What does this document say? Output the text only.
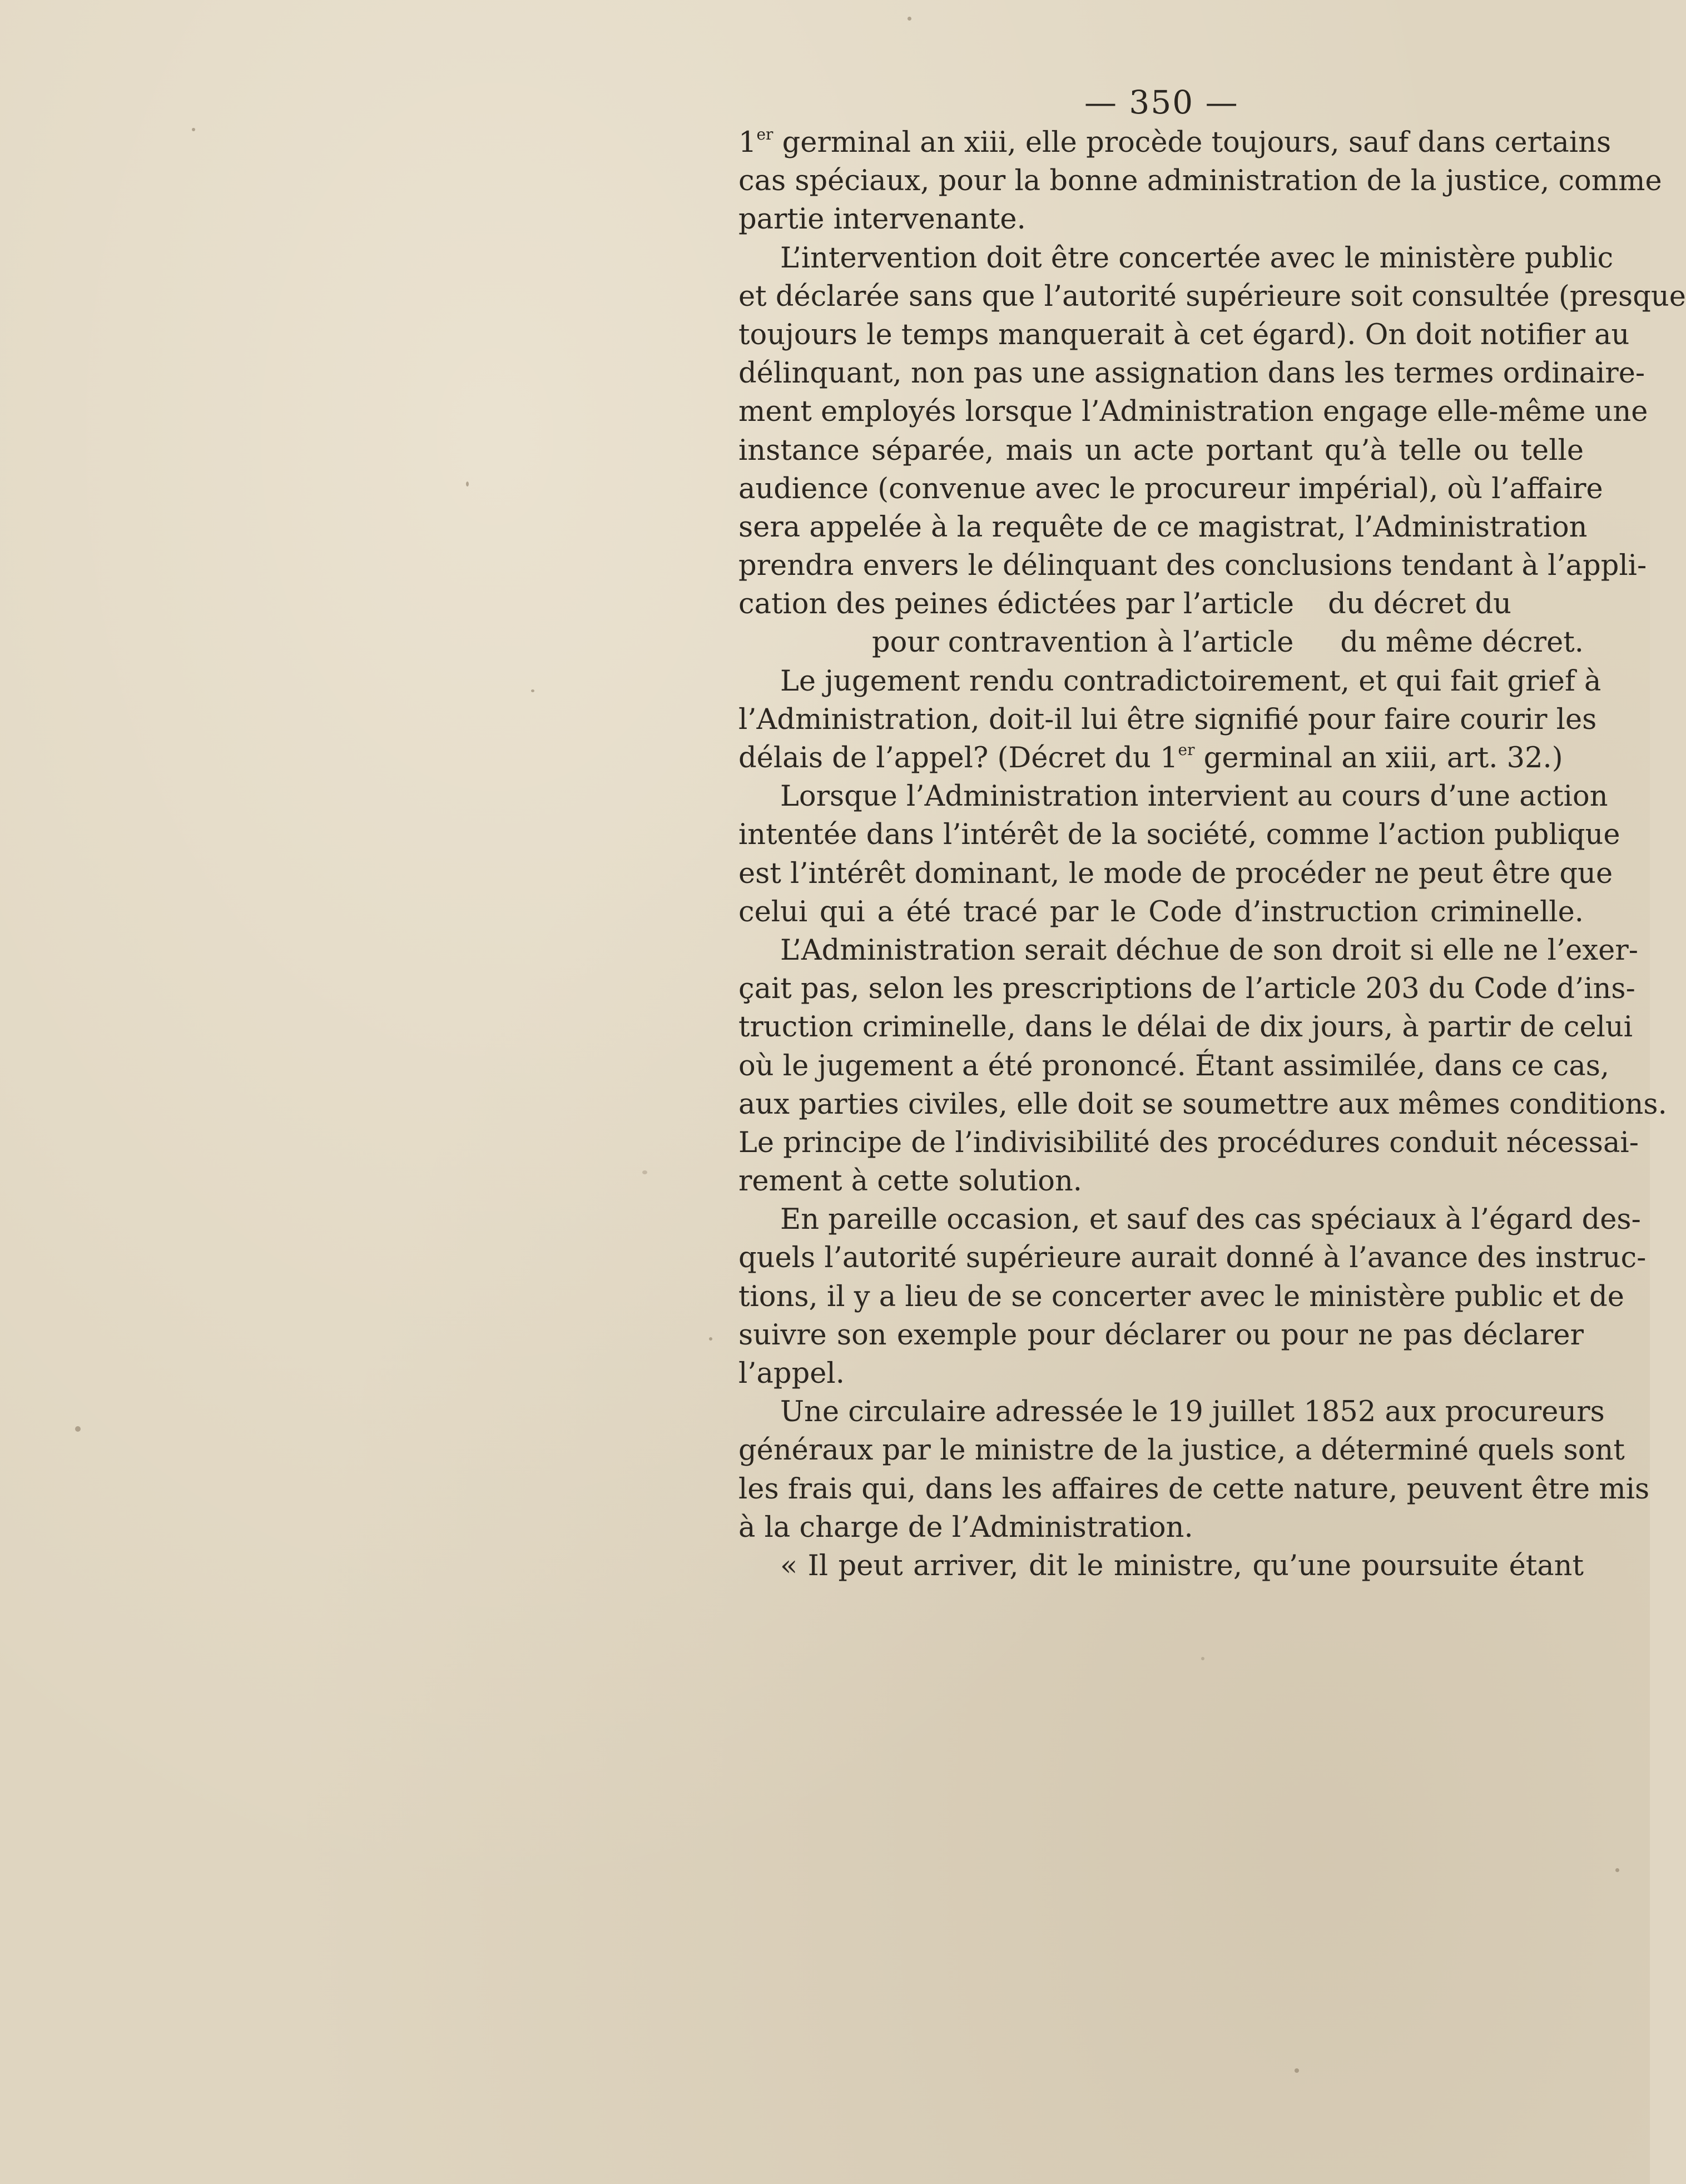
— 350 —
1er germinal an xiii, elle procède toujours, sauf dans certains
cas spéciaux, pour la bonne administration de la justice, comme
partie intervenante.
L’intervention doit être concertée avec le ministère public
et déclarée sans que l’autorité supérieure soit consultée (presque
toujours le temps manquerait à cet égard). On doit notifier au
délinquant, non pas une assignation dans les termes ordinaire-
ment employés lorsque l’Administration engage elle-même une
instance séparée, mais un acte portant qu’à telle ou telle
audience (convenue avec le procureur impérial), où l’affaire
sera appelée à la requête de ce magistrat, l’Administration
prendra envers le délinquant des conclusions tendant à l’appli-
cation des peines édictées par l’article du décret du
pour contravention à l’article du même décret.
Le jugement rendu contradictoirement, et qui fait grief à
l’Administration, doit-il lui être signifié pour faire courir les
délais de l’appel? (Décret du 1er germinal an xiii, art. 32.)
Lorsque l’Administration intervient au cours d’une action
intentée dans l’intérêt de la société, comme l’action publique
est l’intérêt dominant, le mode de procéder ne peut être que
celui qui a été tracé par le Code d’instruction criminelle.
L’Administration serait déchue de son droit si elle ne l’exer-
çait pas, selon les prescriptions de l’article 203 du Code d’ins-
truction criminelle, dans le délai de dix jours, à partir de celui
où le jugement a été prononcé. Étant assimilée, dans ce cas,
aux parties civiles, elle doit se soumettre aux mêmes conditions.
Le principe de l’indivisibilité des procédures conduit nécessai-
rement à cette solution.
En pareille occasion, et sauf des cas spéciaux à l’égard des-
quels l’autorité supérieure aurait donné à l’avance des instruc-
tions, il y a lieu de se concerter avec le ministère public et de
suivre son exemple pour déclarer ou pour ne pas déclarer
l’appel.
Une circulaire adressée le 19 juillet 1852 aux procureurs
généraux par le ministre de la justice, a déterminé quels sont
les frais qui, dans les affaires de cette nature, peuvent être mis
à la charge de l’Administration.
« Il peut arriver, dit le ministre, qu’une poursuite étant
